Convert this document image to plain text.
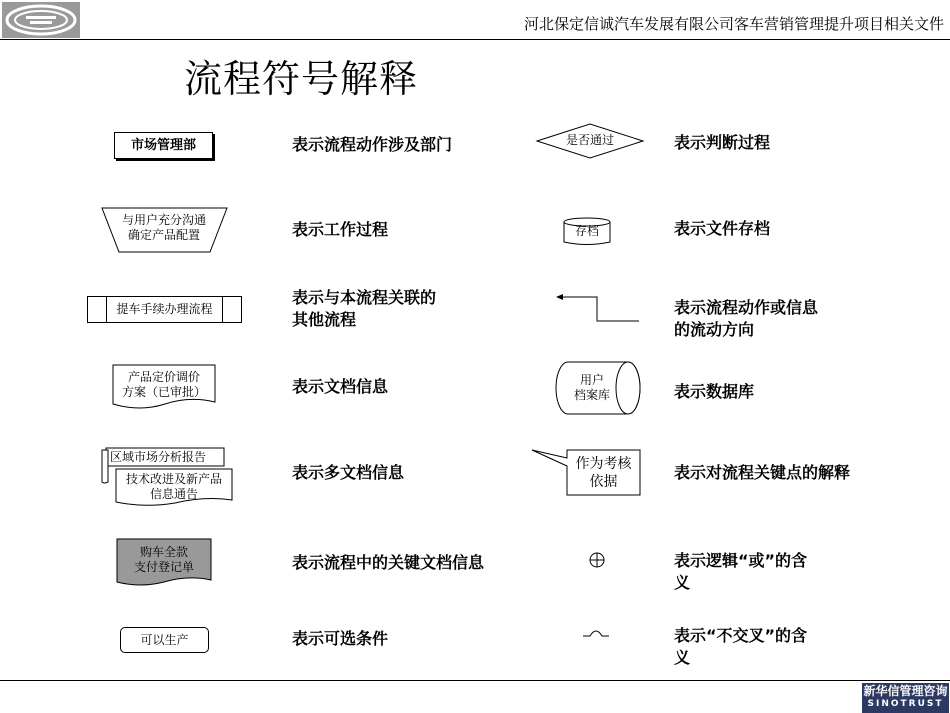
河北保定信诚汽车发展有限公司客车营销管理提升项目相关文件
流程符号解释
市场管理部
与用户充分沟通
确定产品配置
提车手续办理流程
产品定价调价
方案（已审批）
区域市场分析报告
技术改进及新产品
信息通告
购车全款
支付登记单
可以生产
是否通过
存档
用户
档案库
作为考核
依据
表示流程动作涉及部门
表示工作过程
表示与本流程关联的
其他流程
表示文档信息
表示多文档信息
表示流程中的关键文档信息
表示可选条件
表示判断过程
表示文件存档
表示流程动作或信息
的流动方向
表示数据库
表示对流程关键点的解释
表示逻辑“或”的含
义
表示“不交叉”的含
义
新华信管理咨询
SINOTRUST
